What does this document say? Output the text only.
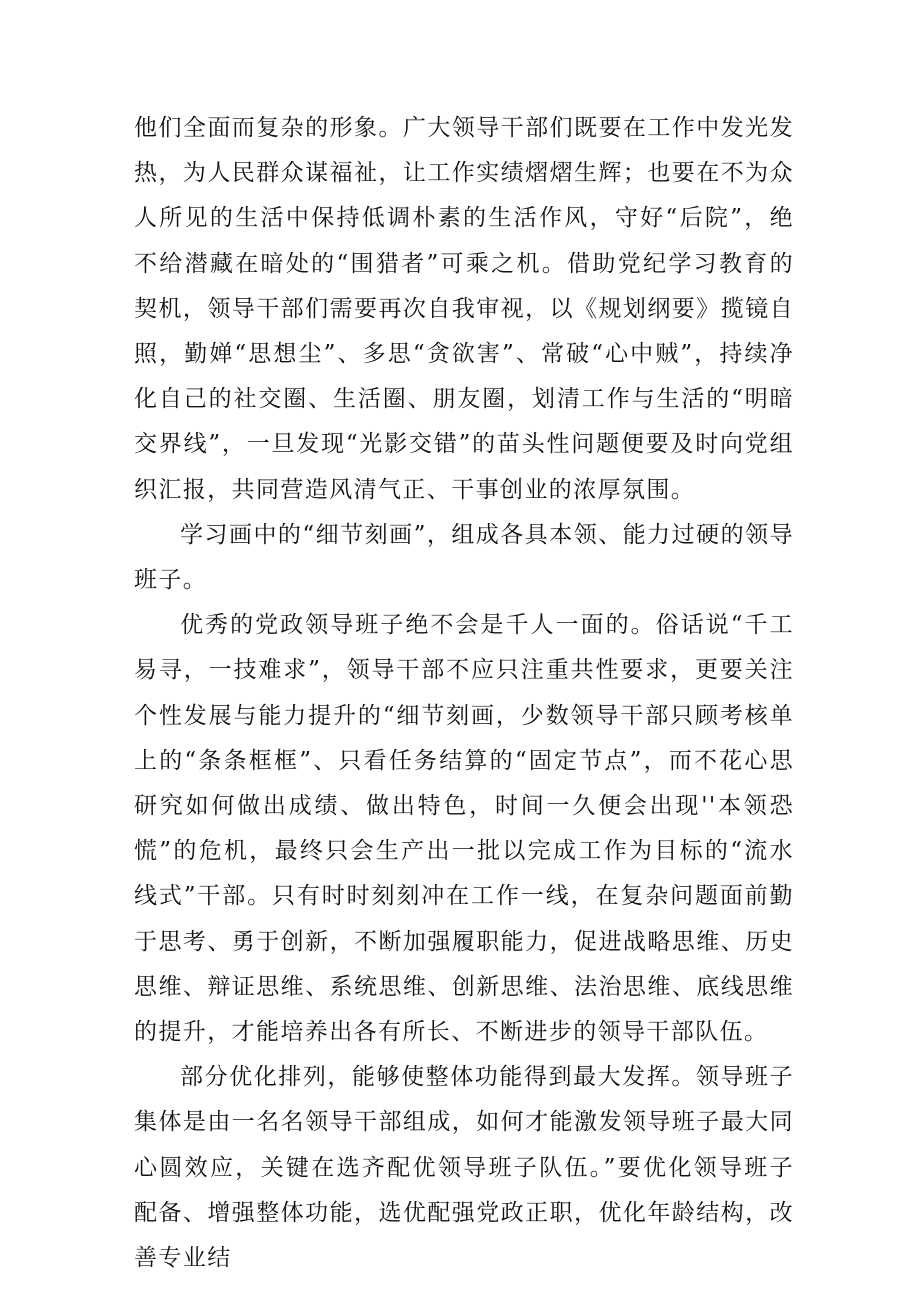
他们全面而复杂的形象。广大领导干部们既要在工作中发光发热，为人民群众谋福祉，让工作实绩熠熠生辉；也要在不为众人所见的生活中保持低调朴素的生活作风，守好“后院”，绝不给潜藏在暗处的“围猎者”可乘之机。借助党纪学习教育的契机，领导干部们需要再次自我审视，以《规划纲要》揽镜自照，勤婵“思想尘”、多思“贪欲害”、常破“心中贼”，持续净化自己的社交圈、生活圈、朋友圈，划清工作与生活的“明暗交界线”，一旦发现“光影交错”的苗头性问题便要及时向党组织汇报，共同营造风清气正、干事创业的浓厚氛围。

学习画中的“细节刻画”，组成各具本领、能力过硬的领导班子。

优秀的党政领导班子绝不会是千人一面的。俗话说“千工易寻，一技难求”，领导干部不应只注重共性要求，更要关注个性发展与能力提升的“细节刻画，少数领导干部只顾考核单上的“条条框框”、只看任务结算的“固定节点”，而不花心思研究如何做出成绩、做出特色，时间一久便会出现''本领恐慌”的危机，最终只会生产出一批以完成工作为目标的“流水线式”干部。只有时时刻刻冲在工作一线，在复杂问题面前勤于思考、勇于创新，不断加强履职能力，促进战略思维、历史思维、辩证思维、系统思维、创新思维、法治思维、底线思维的提升，才能培养出各有所长、不断进步的领导干部队伍。

部分优化排列，能够使整体功能得到最大发挥。领导班子集体是由一名名领导干部组成，如何才能激发领导班子最大同心圆效应，关键在选齐配优领导班子队伍。”要优化领导班子配备、增强整体功能，选优配强党政正职，优化年龄结构，改善专业结
